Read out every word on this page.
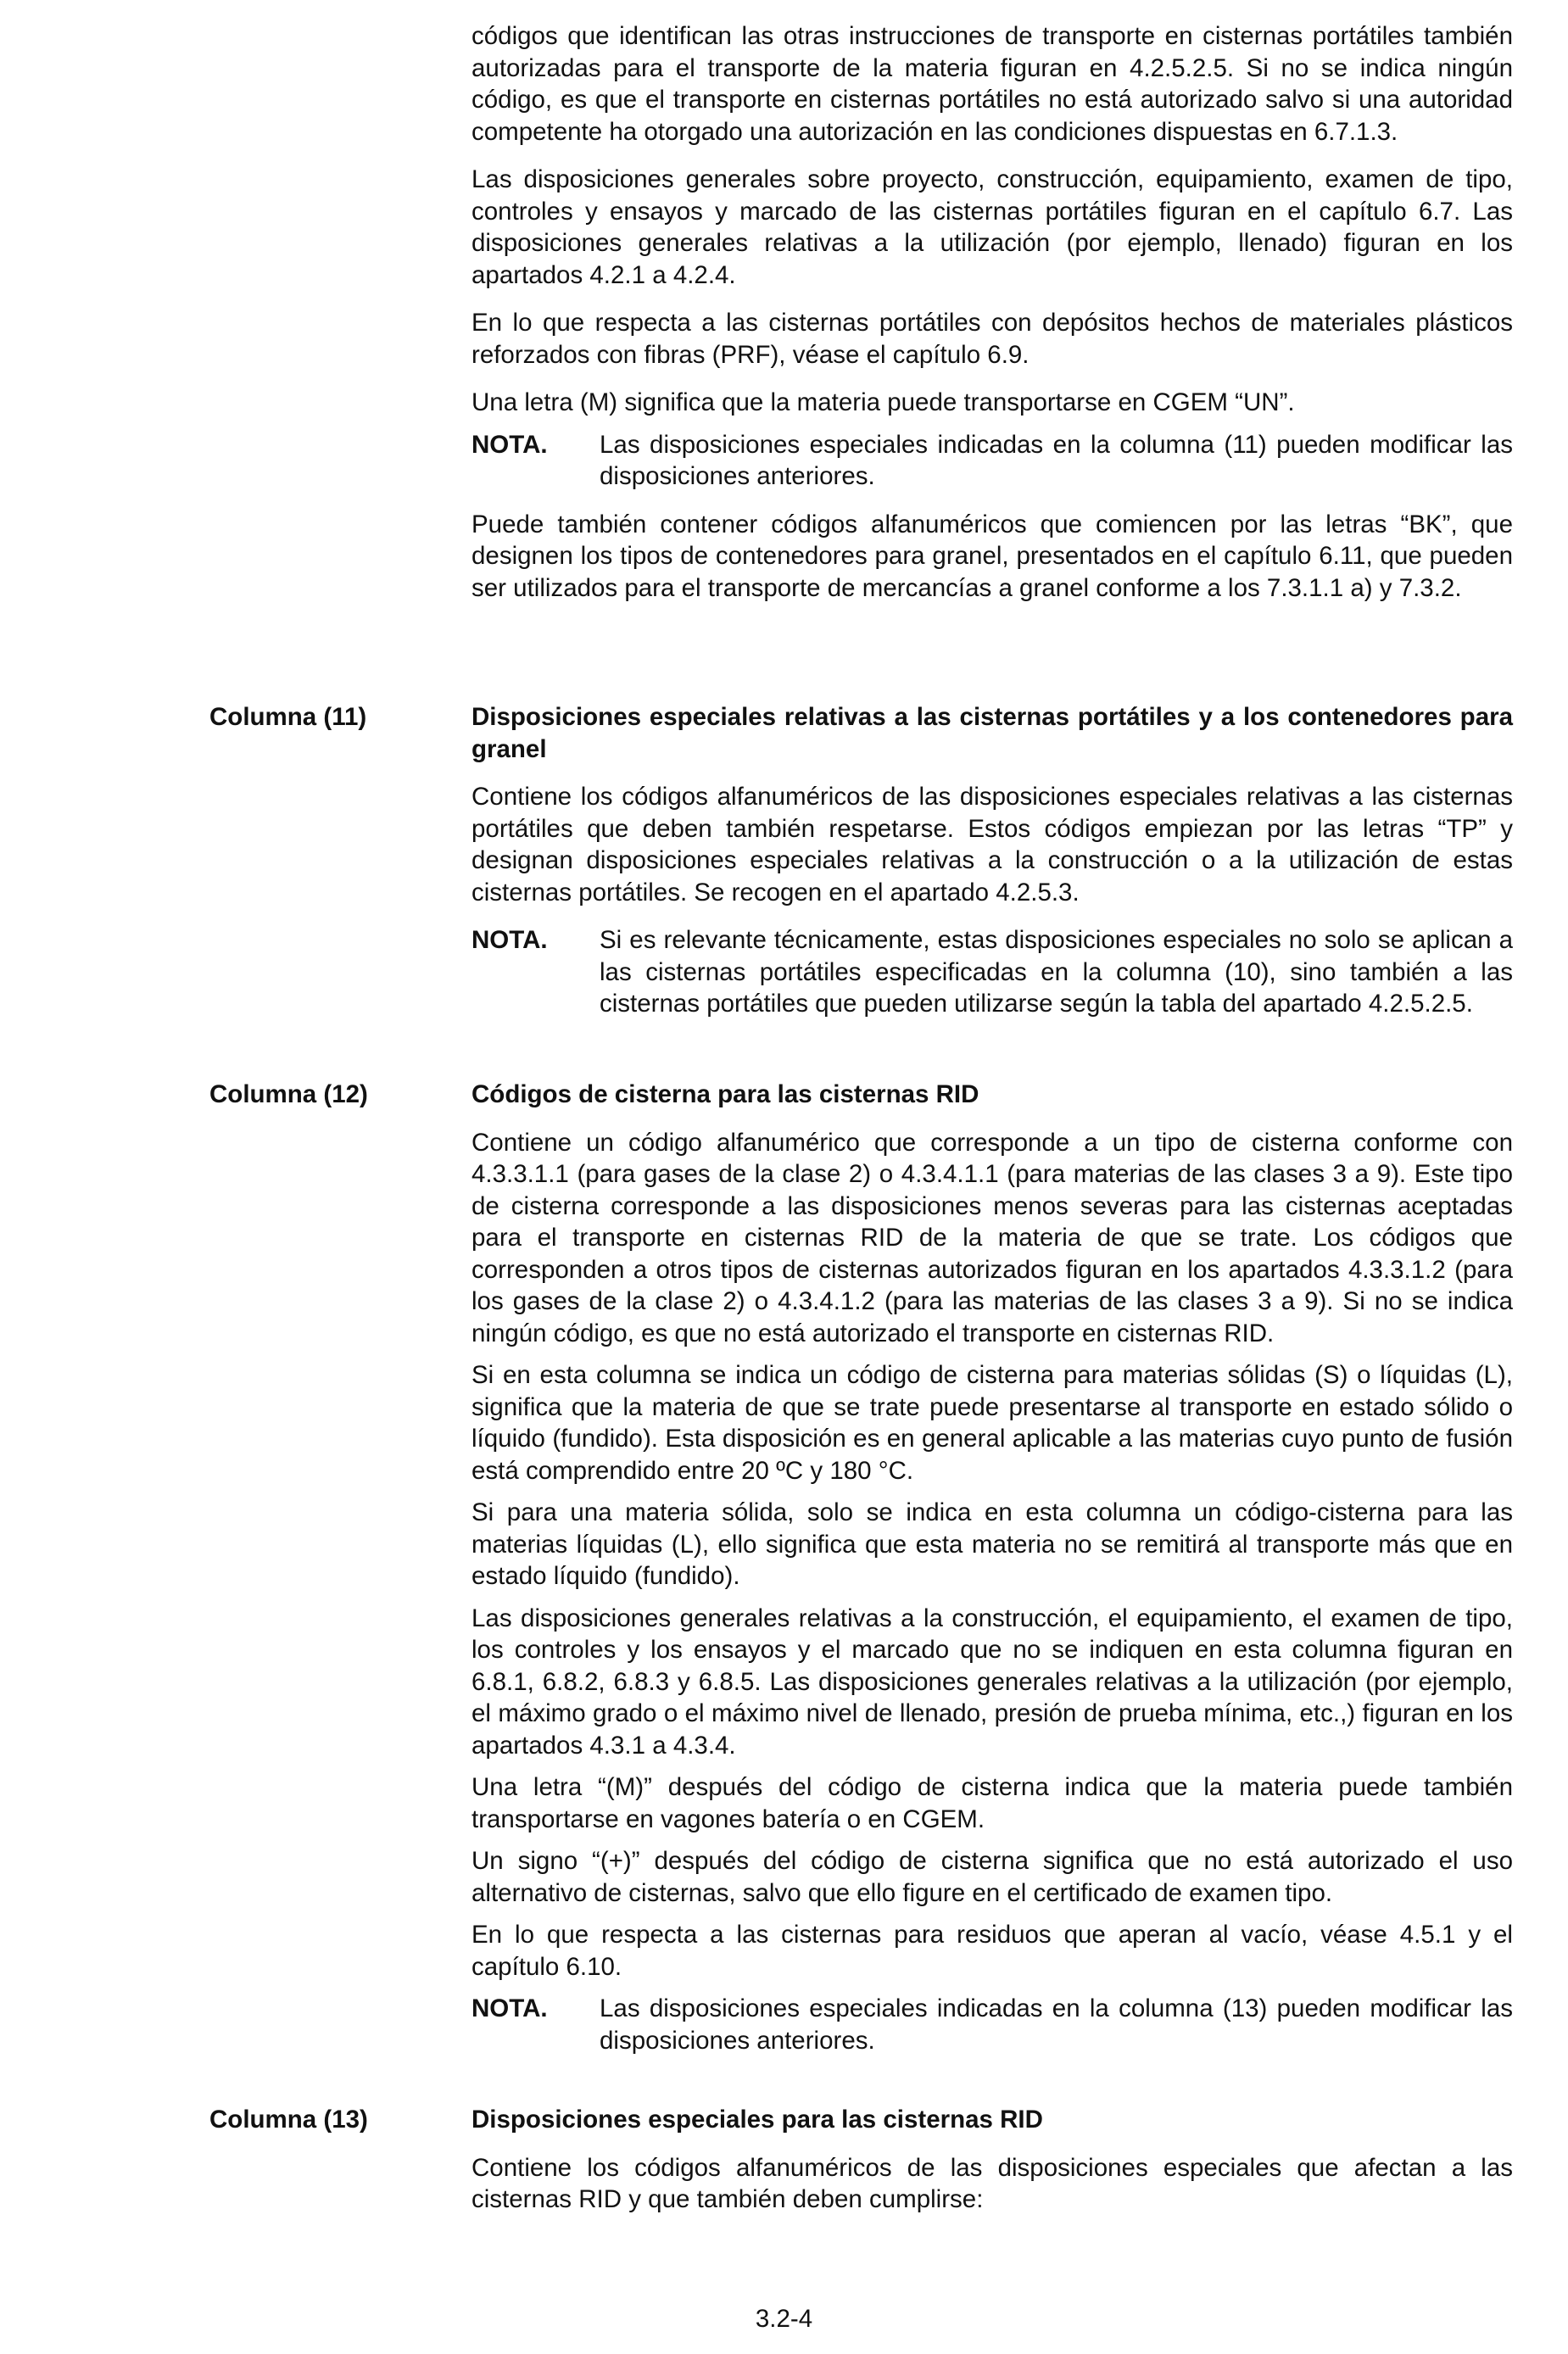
códigos que identifican las otras instrucciones de transporte en cisternas portátiles también autorizadas para el transporte de la materia figuran en 4.2.5.2.5. Si no se indica ningún código, es que el transporte en cisternas portátiles no está autorizado salvo si una autoridad competente ha otorgado una autorización en las condiciones dispuestas en 6.7.1.3.

Las disposiciones generales sobre proyecto, construcción, equipamiento, examen de tipo, controles y ensayos y marcado de las cisternas portátiles figuran en el capítulo 6.7. Las disposiciones generales relativas a la utilización (por ejemplo, llenado) figuran en los apartados 4.2.1 a 4.2.4.

En lo que respecta a las cisternas portátiles con depósitos hechos de materiales plásticos reforzados con fibras (PRF), véase el capítulo 6.9.

Una letra (M) significa que la materia puede transportarse en CGEM “UN”.

NOTA.	Las disposiciones especiales indicadas en la columna (11) pueden modificar las disposiciones anteriores.

Puede también contener códigos alfanuméricos que comiencen por las letras “BK”, que designen los tipos de contenedores para granel, presentados en el capítulo 6.11, que pueden ser utilizados para el transporte de mercancías a granel conforme a los 7.3.1.1 a) y 7.3.2.

Columna (11)	Disposiciones especiales relativas a las cisternas portátiles y a los contenedores para granel

Contiene los códigos alfanuméricos de las disposiciones especiales relativas a las cisternas portátiles que deben también respetarse. Estos códigos empiezan por las letras “TP” y designan disposiciones especiales relativas a la construcción o a la utilización de estas cisternas portátiles. Se recogen en el apartado 4.2.5.3.

NOTA.	Si es relevante técnicamente, estas disposiciones especiales no solo se aplican a las cisternas portátiles especificadas en la columna (10), sino también a las cisternas portátiles que pueden utilizarse según la tabla del apartado 4.2.5.2.5.
Columna (12)	Códigos de cisterna para las cisternas RID

Contiene un código alfanumérico que corresponde a un tipo de cisterna conforme con 4.3.3.1.1 (para gases de la clase 2) o 4.3.4.1.1 (para materias de las clases 3 a 9). Este tipo de cisterna corresponde a las disposiciones menos severas para las cisternas aceptadas para el transporte en cisternas RID de la materia de que se trate. Los códigos que corresponden a otros tipos de cisternas autorizados figuran en los apartados 4.3.3.1.2 (para los gases de la clase 2) o 4.3.4.1.2 (para las materias de las clases 3 a 9). Si no se indica ningún código, es que no está autorizado el transporte en cisternas RID.

Si en esta columna se indica un código de cisterna para materias sólidas (S) o líquidas (L), significa que la materia de que se trate puede presentarse al transporte en estado sólido o líquido (fundido). Esta disposición es en general aplicable a las materias cuyo punto de fusión está comprendido entre 20 ºC y 180 °C.

Si para una materia sólida, solo se indica en esta columna un código-cisterna para las materias líquidas (L), ello significa que esta materia no se remitirá al transporte más que en estado líquido (fundido).

Las disposiciones generales relativas a la construcción, el equipamiento, el examen de tipo, los controles y los ensayos y el marcado que no se indiquen en esta columna figuran en 6.8.1, 6.8.2, 6.8.3 y 6.8.5. Las disposiciones generales relativas a la utilización (por ejemplo, el máximo grado o el máximo nivel de llenado, presión de prueba mínima, etc.,) figuran en los apartados 4.3.1 a 4.3.4.

Una letra “(M)” después del código de cisterna indica que la materia puede también transportarse en vagones batería o en CGEM.

Un signo “(+)” después del código de cisterna significa que no está autorizado el uso alternativo de cisternas, salvo que ello figure en el certificado de examen tipo.

En lo que respecta a las cisternas para residuos que aperan al vacío, véase 4.5.1 y el capítulo 6.10.

NOTA.	Las disposiciones especiales indicadas en la columna (13) pueden modificar las disposiciones anteriores.
Columna (13)	Disposiciones especiales para las cisternas RID

Contiene los códigos alfanuméricos de las disposiciones especiales que afectan a las cisternas RID y que también deben cumplirse:

3.2-4
